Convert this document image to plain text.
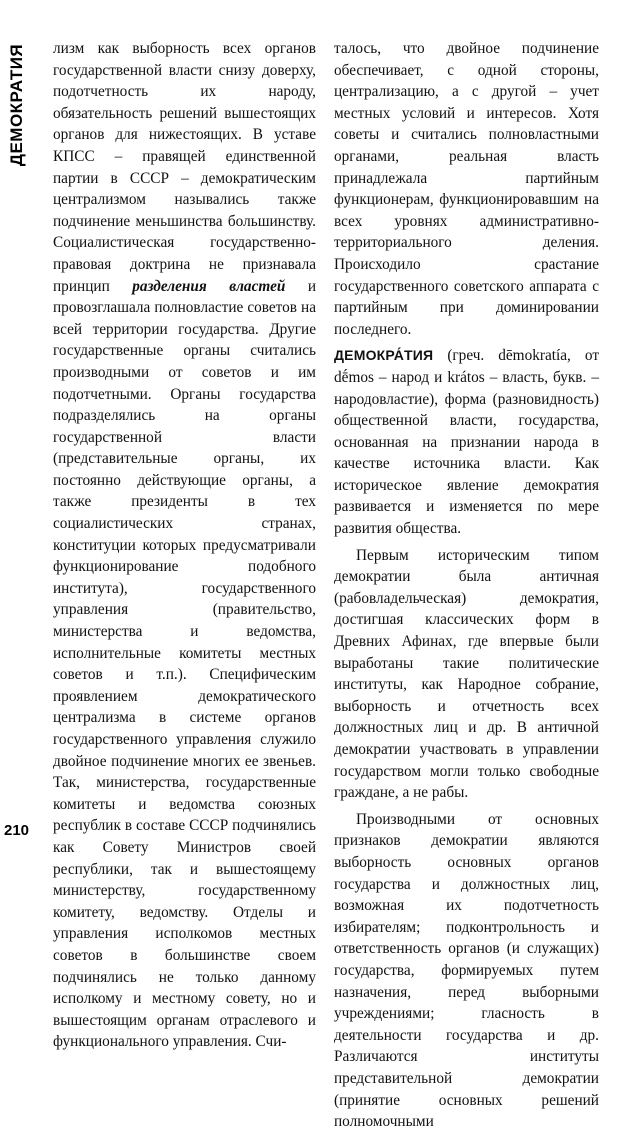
ДЕМОКРАТИЯ лизм как выборность всех органов государственной власти снизу доверху, подотчетность их народу, обязательность решений вышестоящих органов для нижестоящих. В уставе КПСС – правящей единственной партии в СССР – демократическим централизмом назывались также подчинение меньшинства большинству. Социалистическая государственно-правовая доктрина не признавала принцип разделения властей и провозглашала полновластие советов на всей территории государства. Другие государственные органы считались производными от советов и им подотчетными. Органы государства подразделялись на органы государственной власти (представительные органы, их постоянно действующие органы, а также президенты в тех социалистических странах, конституции которых предусматривали функционирование подобного института), государственного управления (правительство, министерства и ведомства, исполнительные комитеты местных советов и т.п.). Специфическим проявлением демократического централизма в системе органов государственного управления служило двойное подчинение многих ее звеньев. Так, министерства, государственные комитеты и ведомства союзных республик в составе СССР подчинялись как Совету Министров своей республики, так и вышестоящему министерству, государственному комитету, ведомству. Отделы и управления исполкомов местных советов в большинстве своем подчинялись не только данному исполкому и местному совету, но и вышестоящим органам отраслевого и функционального управления. Счи-

талось, что двойное подчинение обеспечивает, с одной стороны, централизацию, а с другой – учет местных условий и интересов. Хотя советы и считались полновластными органами, реальная власть принадлежала партийным функционерам, функционировавшим на всех уровнях административно-территориального деления. Происходило срастание государственного советского аппарата с партийным при доминировании последнего.

ДЕМОКРА́ТИЯ (греч. dēmokratía, от dḗmos – народ и krátos – власть, букв. – народовластие), форма (разновидность) общественной власти, государства, основанная на признании народа в качестве источника власти. Как историческое явление демократия развивается и изменяется по мере развития общества.

Первым историческим типом демократии была античная (рабовладельческая) демократия, достигшая классических форм в Древних Афинах, где впервые были выработаны такие политические институты, как Народное собрание, выборность и отчетность всех должностных лиц и др. В античной демократии участвовать в управлении государством могли только свободные граждане, а не рабы.

Производными от основных признаков демократии являются выборность основных органов государства и должностных лиц, возможная их подотчетность избирателям; подконтрольность и ответственность органов (и служащих) государства, формируемых путем назначения, перед выборными учреждениями; гласность в деятельности государства и др. Различаются институты представительной демократии (принятие основных решений полномочными

210
